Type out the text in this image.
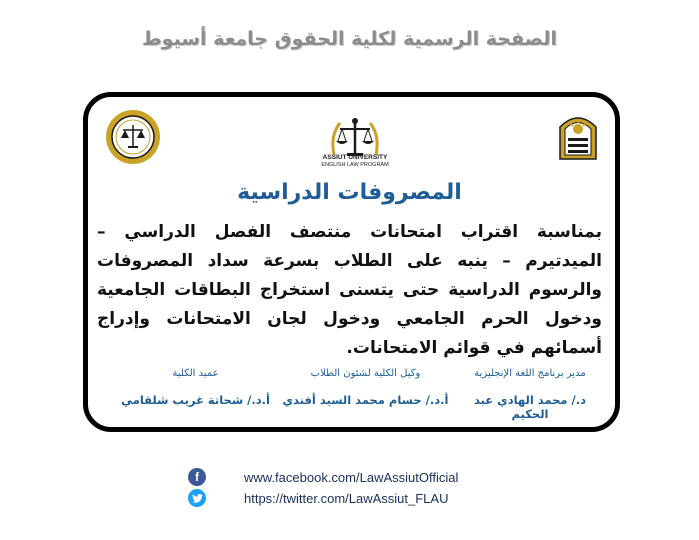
الصفحة الرسمية لكلية الحقوق جامعة أسيوط
ASSIUT UNIVERSITY
ENGLISH LAW PROGRAM
المصروفات الدراسية
بمناسبة اقتراب امتحانات منتصف الفصل الدراسي – الميدتيرم – ينبه على الطلاب بسرعة سداد المصروفات والرسوم الدراسية حتى يتسنى استخراج البطاقات الجامعية ودخول الحرم الجامعي ودخول لجان الامتحانات وإدراج أسمائهم في قوائم الامتحانات.
مدير برنامج اللغة الإنجليزية
د./ محمد الهادي عبد الحكيم
وكيل الكلية لشئون الطلاب
أ.د./ حسام محمد السيد أفندي
عميد الكلية
أ.د./ شحاتة غريب شلقامي
f	www.facebook.com/LawAssiutOfficial
https://twitter.com/LawAssiut_FLAU
